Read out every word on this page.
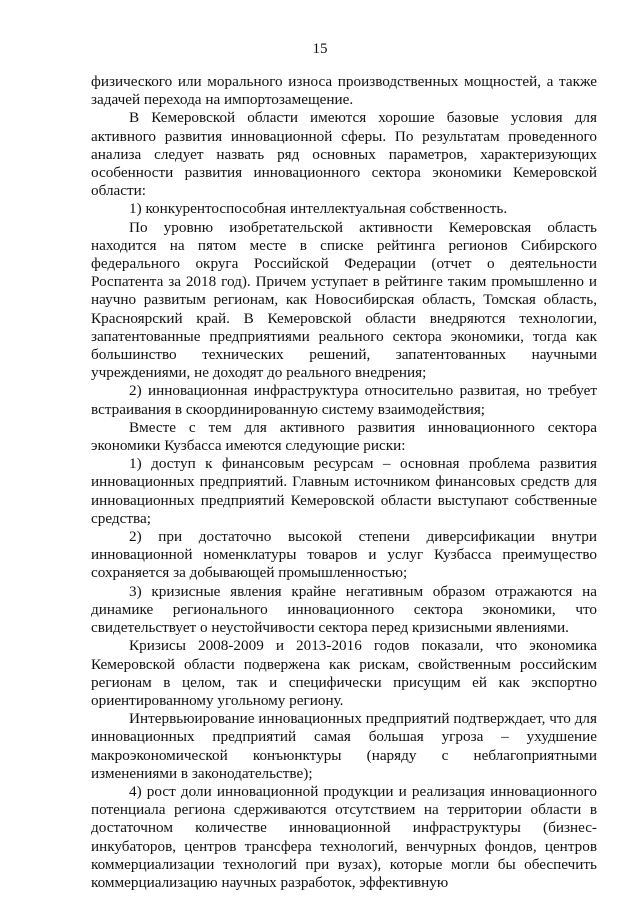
15

физического или морального износа производственных мощностей, а также задачей перехода на импортозамещение.

В Кемеровской области имеются хорошие базовые условия для активного развития инновационной сферы. По результатам проведенного анализа следует назвать ряд основных параметров, характеризующих особенности развития инновационного сектора экономики Кемеровской области:

1) конкурентоспособная интеллектуальная собственность.

По уровню изобретательской активности Кемеровская область находится на пятом месте в списке рейтинга регионов Сибирского федерального округа Российской Федерации (отчет о деятельности Роспатента за 2018 год). Причем уступает в рейтинге таким промышленно и научно развитым регионам, как Новосибирская область, Томская область, Красноярский край. В Кемеровской области внедряются технологии, запатентованные предприятиями реального сектора экономики, тогда как большинство технических решений, запатентованных научными учреждениями, не доходят до реального внедрения;

2) инновационная инфраструктура относительно развитая, но требует встраивания в скоординированную систему взаимодействия;

Вместе с тем для активного развития инновационного сектора экономики Кузбасса имеются следующие риски:

1) доступ к финансовым ресурсам – основная проблема развития инновационных предприятий. Главным источником финансовых средств для инновационных предприятий Кемеровской области выступают собственные средства;

2) при достаточно высокой степени диверсификации внутри инновационной номенклатуры товаров и услуг Кузбасса преимущество сохраняется за добывающей промышленностью;

3) кризисные явления крайне негативным образом отражаются на динамике регионального инновационного сектора экономики, что свидетельствует о неустойчивости сектора перед кризисными явлениями.

Кризисы 2008-2009 и 2013-2016 годов показали, что экономика Кемеровской области подвержена как рискам, свойственным российским регионам в целом, так и специфически присущим ей как экспортно ориентированному угольному региону.

Интервьюирование инновационных предприятий подтверждает, что для инновационных предприятий самая большая угроза – ухудшение макроэкономической конъюнктуры (наряду с неблагоприятными изменениями в законодательстве);

4) рост доли инновационной продукции и реализация инновационного потенциала региона сдерживаются отсутствием на территории области в достаточном количестве инновационной инфраструктуры (бизнес-инкубаторов, центров трансфера технологий, венчурных фондов, центров коммерциализации технологий при вузах), которые могли бы обеспечить коммерциализацию научных разработок, эффективную
